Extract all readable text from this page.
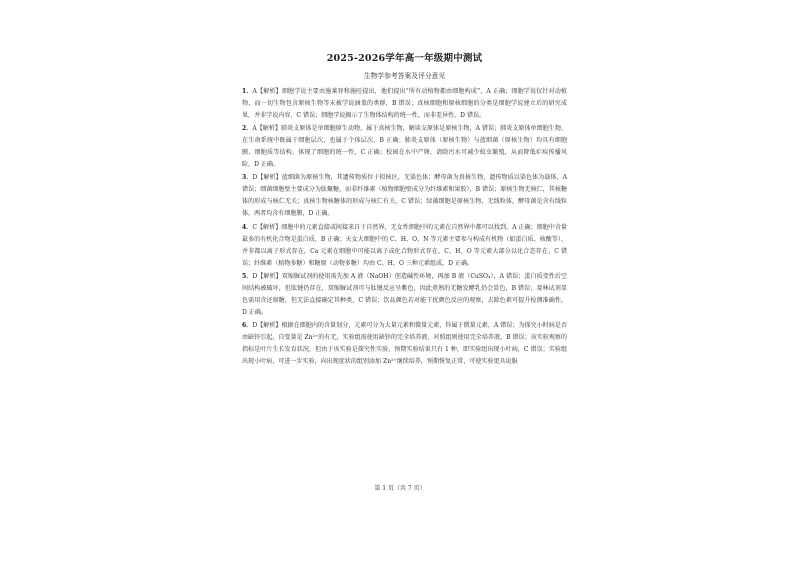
2025-2026学年高一年级期中测试
生物学参考答案及评分意见

1．A【解析】细胞学说主要由施莱登和施旺提出，他们提出“所有动植物都由细胞构成”，A 正确；细胞学说仅针对动植物，而一切生物包含原核生物等未被学说涵盖的类群，B 错误；真核细胞和原核细胞的分类是细胞学说建立后的研究成果，并非学说内容，C 错误；细胞学说揭示了生物体结构的统一性，而非差异性，D 错误。

2．A【解析】肺炎支原体是单细胞原生动物，属于真核生物，解读支原体是原核生物，A 错误；肺炎支原体单细胞生物，在生命系统中既属于细胞层次，也属于个体层次，B 正确；肺炎支原体（原核生物）与蓝细菌（原核生物）均具有细胞膜、细胞质等结构，体现了细胞的统一性，C 正确；校园在水中产卵，请除污水可减少蚊虫繁殖，从而降低疟疾传播风险，D 正确。

3．D【解析】蓝细菌为原核生物，其遗传物质位于拟核区，无染色体；酵母菌为真核生物，遗传物质以染色体为载体，A 错误；细菌细胞壁主要成分为肽聚糖，而非纤维素（植物细胞壁成分为纤维素和果胶），B 错误；原核生物无核仁，其核糖体的形成与核仁无关；真核生物核糖体的形成与核仁有关，C 错误；绿藻细胞是原核生物，无线粒体，酵母菌是含有线粒体，两者均含有细胞膜，D 正确。

4．C【解析】细胞中的元素直接或间接来自于自然界，无女性细胞中的元素在自然界中都可以找到，A 正确；细胞中含量最多的有机化合物是蛋白质，B 正确；天女大细胞中的 C、H、O、N 等元素主要参与构成有机物（如蛋白质、核酸等），并非都以离子形式存在，Ca 元素在细胞中可能以离子或化合物形式存在，C、H、O 等元素大部分以化合态存在，C 错误；纤维素（植物多糖）和糖原（动物多糖）均由 C、H、O 三种元素组成，D 正确。

5．D【解析】双缩脲试剂的使用需先加 A 液（NaOH）创造碱性环境，再加 B 液（CuSO₄），A 错误；蛋白质变性后空间结构被破坏，但肽键仍存在，双缩脲试剂可与肽键反应呈紫色，因此煮熟的无糖发酵乳仍会显色，B 错误；斐林试剂显色需用含还原糖，但无法直接确定其种类，C 错误；饮品颜色若对能干扰颜色反应的观察，去除色素可提升检测准确性，D 正确。

6．D【解析】根据在细胞内的含量划分，元素可分为大量元素和微量元素，锌属于微量元素，A 错误；为探究小时病是否由缺锌引起，自变量是 Zn²⁺的有无，实验组需使用缺锌的完全培养液，对照组则使用完全培养液，B 错误；该实验观察的指标是叶片生长发育状况，但由于该实验是探究性实验，预期实验结果只有 1 种，即实验组出现小叶病，C 错误；实验组出现小叶病，可进一步实验，向出现症状的组别添加 Zn²⁺继续培养，预期恢复正常，可使实验更具说服

第 1 页（共 7 页）
